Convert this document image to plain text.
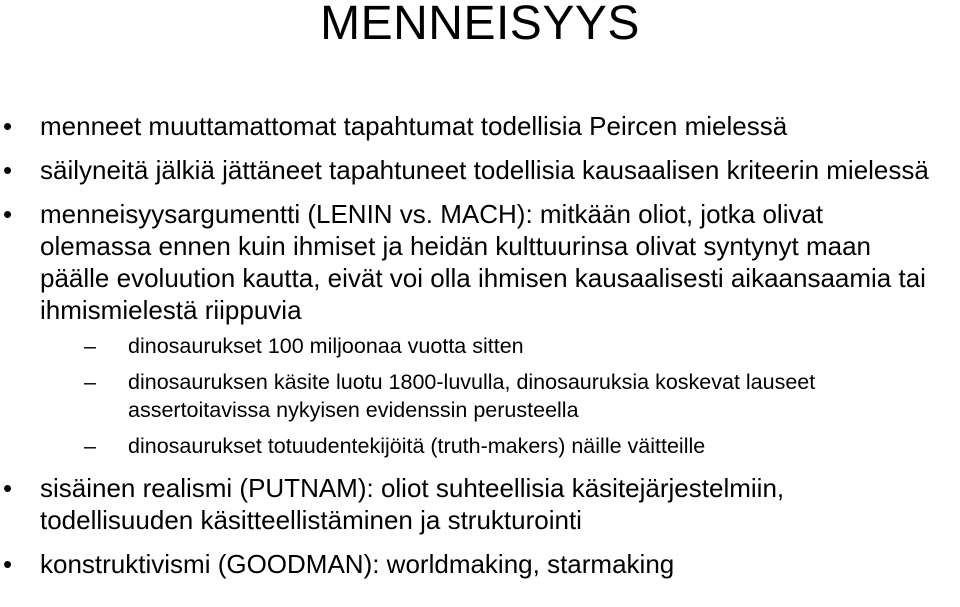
MENNEISYYS
• menneet muuttamattomat tapahtumat todellisia Peircen mielessä
• säilyneitä jälkiä jättäneet tapahtuneet todellisia kausaalisen kriteerin mielessä
• menneisyysargumentti (LENIN vs. MACH): mitkään oliot, jotka olivat olemassa ennen kuin ihmiset ja heidän kulttuurinsa olivat syntynyt maan päälle evoluution kautta, eivät voi olla ihmisen kausaalisesti aikaansaamia tai ihmismielestä riippuvia
– dinosaurukset 100 miljoonaa vuotta sitten
– dinosauruksen käsite luotu 1800-luvulla, dinosauruksia koskevat lauseet assertoitavissa nykyisen evidenssin perusteella
– dinosaurukset totuudentekijöitä (truth-makers) näille väitteille
• sisäinen realismi (PUTNAM): oliot suhteellisia käsitejärjestelmiin, todellisuuden käsitteellistäminen ja strukturointi
• konstruktivismi (GOODMAN): worldmaking, starmaking
